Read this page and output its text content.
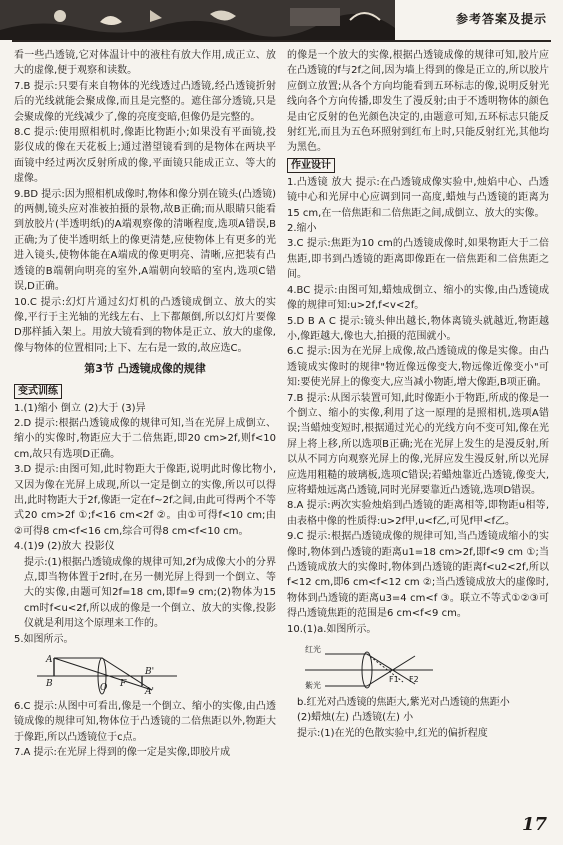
参考答案及提示
看一些凸透镜,它对体温计中的液柱有放大作用,成正立、放大的虚像,便于观察和读数。
7.B 提示:只要有来自物体的光线透过凸透镜,经凸透镜折射后的光线就能会聚成像,而且是完整的。遮住部分透镜,只是会聚成像的光线减少了,像的亮度变暗,但像仍是完整的。
8.C 提示:使用照相机时,像距比物距小;如果没有平面镜,投影仪成的像在天花板上;通过潜望镜看到的是物体在两块平面镜中经过两次反射所成的像,平面镜只能成正立、等大的虚像。
9.BD 提示:因为照相机成像时,物体和像分别在镜头(凸透镜)的两侧,镜头应对准被拍摄的景物,故B正确;而从眼睛只能看到放胶片(半透明纸)的A端观察像的清晰程度,选项A错误,B正确;为了使半透明纸上的像更清楚,应使物体上有更多的光进入镜头,使物体能在A端成的像更明亮、清晰,应把装有凸透镜的B端朝向明亮的室外,A端朝向较暗的室内,选项C错误,D正确。
10.C 提示:幻灯片通过幻灯机的凸透镜成倒立、放大的实像,平行于主光轴的光线左右、上下都颠倒,所以幻灯片要像D那样插入架上。用放大镜看到的物体是正立、放大的虚像,像与物体的位置相同;上下、左右是一致的,故应选C。
第3节 凸透镜成像的规律
变式训练
1.(1)缩小 倒立 (2)大于 (3)异
2.D 提示:根据凸透镜成像的规律可知,当在光屏上成倒立、缩小的实像时,物距应大于二倍焦距,即20 cm>2f,则f<10 cm,故只有选项D正确。
3.D 提示:由图可知,此时物距大于像距,说明此时像比物小,又因为像在光屏上成现,所以一定是倒立的实像,所以可以得出,此时物距大于2f,像距一定在f~2f之间,由此可得两个不等式20 cm>2f ①;f<16 cm<2f ②。由①可得f<10 cm;由②可得8 cm<f<16 cm,综合可得8 cm<f<10 cm。
4.(1)9 (2)放大 投影仪
提示:(1)根据凸透镜成像的规律可知,2f为成像大小的分界点,即当物体置于2f时,在另一侧光屏上得到一个倒立、等大的实像,由题可知2f=18 cm,即f=9 cm;(2)物体为15 cm时f<u<2f,所以成的像是一个倒立、放大的实像,投影仪就是利用这个原理来工作的。
5.如图所示。
A
B	O F
B'
A'
6.C 提示:从图中可看出,像是一个倒立、缩小的实像,由凸透镜成像的规律可知,物体位于凸透镜的二倍焦距以外,物距大于像距,所以凸透镜位于c点。
7.A 提示:在光屏上得到的像一定是实像,即胶片成
的像是一个放大的实像,根据凸透镜成像的规律可知,胶片应在凸透镜的f与2f之间,因为墙上得到的像是正立的,所以胶片应倒立放置;从各个方向均能看到五环标志的像,说明反射光线向各个方向传播,即发生了漫反射;由于不透明物体的颜色是由它反射的色光颜色决定的,由题意可知,五环标志只能反射红光,而且为五色环照射到红布上时,只能反射红光,其他均为黑色。
作业设计
1.凸透镜 放大 提示:在凸透镜成像实验中,烛焰中心、凸透镜中心和光屏中心应调到同一高度,蜡烛与凸透镜的距离为15 cm,在一倍焦距和二倍焦距之间,成倒立、放大的实像。
2.缩小
3.C 提示:焦距为10 cm的凸透镜成像时,如果物距大于二倍焦距,即书到凸透镜的距离即像距在一倍焦距和二倍焦距之间。
4.BC 提示:由图可知,蜡烛成倒立、缩小的实像,由凸透镜成像的规律可知:u>2f,f<v<2f。
5.D B A C 提示:镜头伸出越长,物体离镜头就越近,物距越小,像距越大,像也大,拍摄的范围就小。
6.C 提示:因为在光屏上成像,故凸透镜成的像是实像。由凸透镜成实像时的规律"物近像远像变大,物远像近像变小"可知:要使光屏上的像变大,应当减小物距,增大像距,B项正确。
7.B 提示:从图示装置可知,此时像距小于物距,所成的像是一个倒立、缩小的实像,利用了这一原理的是照相机,选项A错误;当蜡烛变短时,根据通过光心的光线方向不变可知,像在光屏上将上移,所以选项B正确;光在光屏上发生的是漫反射,所以从不同方向观察光屏上的像,光屏应发生漫反射,所以光屏应选用粗糙的玻璃板,选项C错误;若蜡烛靠近凸透镜,像变大,应将蜡烛远离凸透镜,同时光屏要靠近凸透镜,选项D错误。
8.A 提示:两次实验烛焰到凸透镜的距离相等,即物距u相等,由表格中像的性质得:u>2f甲,u<f乙,可见f甲<f乙。
9.C 提示:根据凸透镜成像的规律可知,当凸透镜成缩小的实像时,物体到凸透镜的距离u1=18 cm>2f,即f<9 cm ①;当凸透镜成放大的实像时,物体到凸透镜的距离f<u2<2f,所以f<12 cm,即6 cm<f<12 cm ②;当凸透镜成放大的虚像时,物体到凸透镜的距离u3=4 cm<f ③。联立不等式①②③可得凸透镜焦距的范围是6 cm<f<9 cm。
10.(1)a.如图所示。
红光
紫光
F1 F2
b.红光对凸透镜的焦距大,紫光对凸透镜的焦距小
(2)蜡烛(左) 凸透镜(左) 小
提示:(1)在光的色散实验中,红光的偏折程度
17
